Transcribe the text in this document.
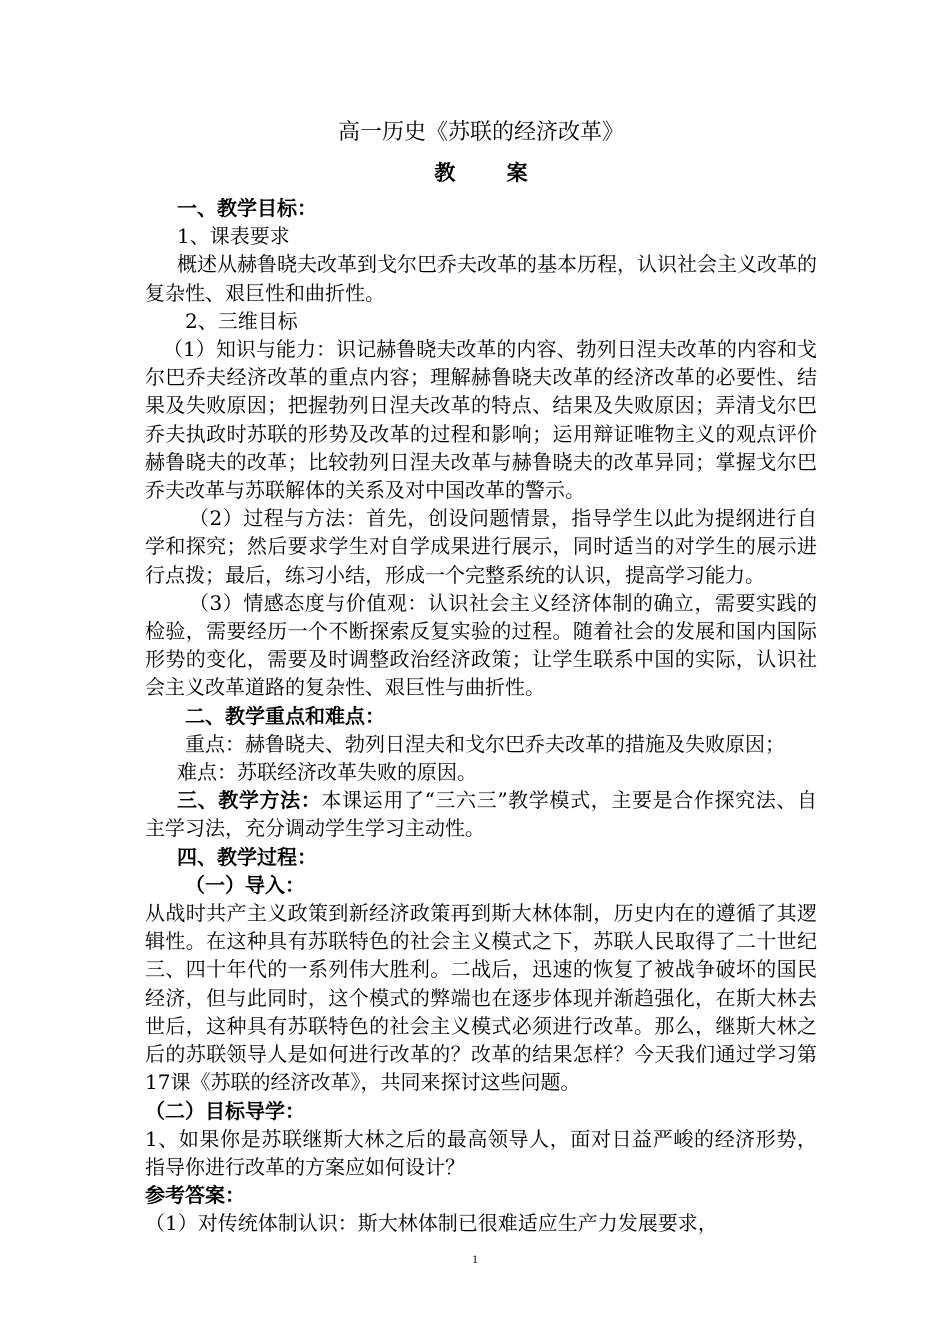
高一历史《苏联的经济改革》
教 案

一、教学目标：

1、课表要求

概述从赫鲁晓夫改革到戈尔巴乔夫改革的基本历程，认识社会主义改革的复杂性、艰巨性和曲折性。

2、三维目标

（1）知识与能力：识记赫鲁晓夫改革的内容、勃列日涅夫改革的内容和戈尔巴乔夫经济改革的重点内容；理解赫鲁晓夫改革的经济改革的必要性、结果及失败原因；把握勃列日涅夫改革的特点、结果及失败原因；弄清戈尔巴乔夫执政时苏联的形势及改革的过程和影响；运用辩证唯物主义的观点评价赫鲁晓夫的改革；比较勃列日涅夫改革与赫鲁晓夫的改革异同；掌握戈尔巴乔夫改革与苏联解体的关系及对中国改革的警示。

（2）过程与方法：首先，创设问题情景，指导学生以此为提纲进行自学和探究；然后要求学生对自学成果进行展示，同时适当的对学生的展示进行点拨；最后，练习小结，形成一个完整系统的认识，提高学习能力。

（3）情感态度与价值观：认识社会主义经济体制的确立，需要实践的检验，需要经历一个不断探索反复实验的过程。随着社会的发展和国内国际形势的变化，需要及时调整政治经济政策；让学生联系中国的实际，认识社会主义改革道路的复杂性、艰巨性与曲折性。

二、教学重点和难点：

重点：赫鲁晓夫、勃列日涅夫和戈尔巴乔夫改革的措施及失败原因；

难点：苏联经济改革失败的原因。

三、教学方法：本课运用了“三六三”教学模式，主要是合作探究法、自主学习法，充分调动学生学习主动性。

四、教学过程：

（一）导入：

从战时共产主义政策到新经济政策再到斯大林体制，历史内在的遵循了其逻辑性。在这种具有苏联特色的社会主义模式之下，苏联人民取得了二十世纪三、四十年代的一系列伟大胜利。二战后，迅速的恢复了被战争破坏的国民经济，但与此同时，这个模式的弊端也在逐步体现并渐趋强化，在斯大林去世后，这种具有苏联特色的社会主义模式必须进行改革。那么，继斯大林之后的苏联领导人是如何进行改革的？改革的结果怎样？今天我们通过学习第17课《苏联的经济改革》，共同来探讨这些问题。

（二）目标导学：

1、如果你是苏联继斯大林之后的最高领导人，面对日益严峻的经济形势，指导你进行改革的方案应如何设计？

参考答案：

（1）对传统体制认识：斯大林体制已很难适应生产力发展要求，

1
